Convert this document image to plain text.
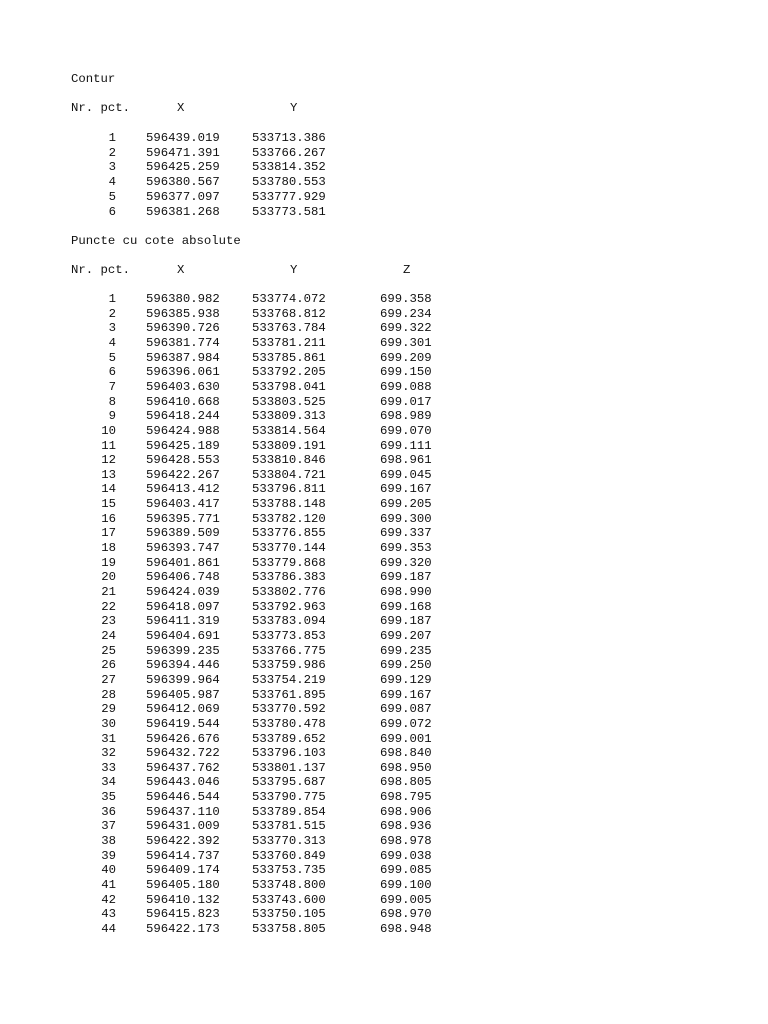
Contur
Nr. pct.	X	Y
1 596439.019	533713.386
2 596471.391	533766.267
3 596425.259	533814.352
4 596380.567	533780.553
5 596377.097	533777.929
6 596381.268	533773.581
Puncte cu cote absolute
Nr. pct.	X	Y	Z
1 596380.982	533774.072	699.358
2 596385.938	533768.812	699.234
3 596390.726	533763.784	699.322
4 596381.774	533781.211	699.301
5 596387.984	533785.861	699.209
6 596396.061	533792.205	699.150
7 596403.630	533798.041	699.088
8 596410.668	533803.525	699.017
9 596418.244	533809.313	698.989
10 596424.988	533814.564	699.070
11 596425.189	533809.191	699.111
12 596428.553	533810.846	698.961
13 596422.267	533804.721	699.045
14 596413.412	533796.811	699.167
15 596403.417	533788.148	699.205
16 596395.771	533782.120	699.300
17 596389.509	533776.855	699.337
18 596393.747	533770.144	699.353
19 596401.861	533779.868	699.320
20 596406.748	533786.383	699.187
21 596424.039	533802.776	698.990
22 596418.097	533792.963	699.168
23 596411.319	533783.094	699.187
24 596404.691	533773.853	699.207
25 596399.235	533766.775	699.235
26 596394.446	533759.986	699.250
27 596399.964	533754.219	699.129
28 596405.987	533761.895	699.167
29 596412.069	533770.592	699.087
30 596419.544	533780.478	699.072
31 596426.676	533789.652	699.001
32 596432.722	533796.103	698.840
33 596437.762	533801.137	698.950
34 596443.046	533795.687	698.805
35 596446.544	533790.775	698.795
36 596437.110	533789.854	698.906
37 596431.009	533781.515	698.936
38 596422.392	533770.313	698.978
39 596414.737	533760.849	699.038
40 596409.174	533753.735	699.085
41 596405.180	533748.800	699.100
42 596410.132	533743.600	699.005
43 596415.823	533750.105	698.970
44 596422.173	533758.805	698.948
